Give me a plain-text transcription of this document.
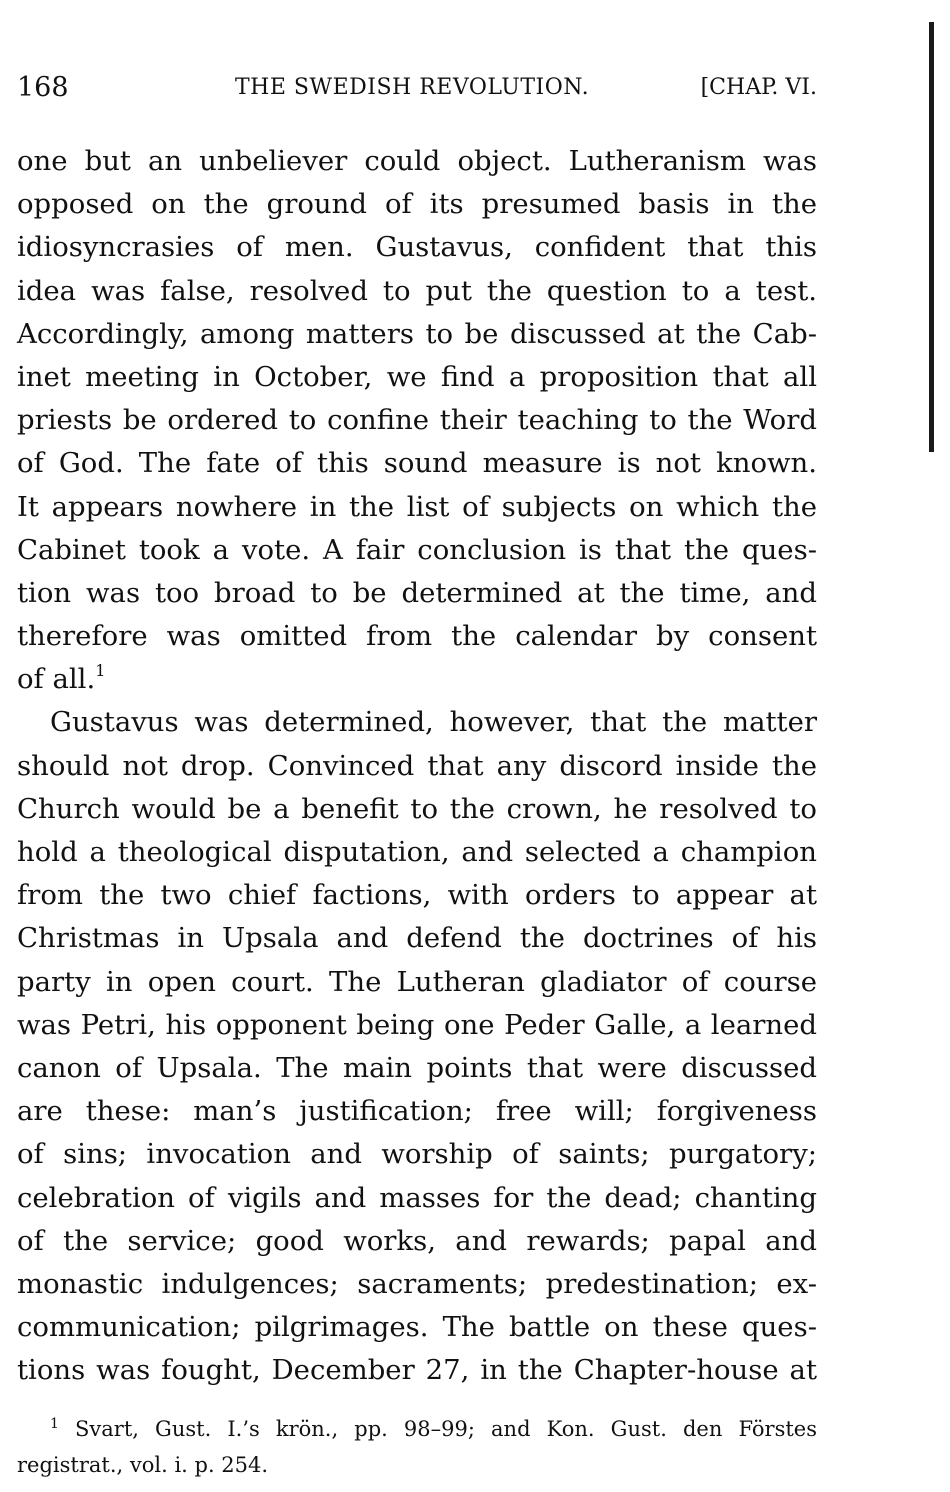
168	THE SWEDISH REVOLUTION.	[CHAP. VI.
one but an unbeliever could object. Lutheranism was
opposed on the ground of its presumed basis in the
idiosyncrasies of men. Gustavus, confident that this
idea was false, resolved to put the question to a test.
Accordingly, among matters to be discussed at the Cab-
inet meeting in October, we find a proposition that all
priests be ordered to confine their teaching to the Word
of God. The fate of this sound measure is not known.
It appears nowhere in the list of subjects on which the
Cabinet took a vote. A fair conclusion is that the ques-
tion was too broad to be determined at the time, and
therefore was omitted from the calendar by consent
of all.$^1$
Gustavus was determined, however, that the matter
should not drop. Convinced that any discord inside the
Church would be a benefit to the crown, he resolved to
hold a theological disputation, and selected a champion
from the two chief factions, with orders to appear at
Christmas in Upsala and defend the doctrines of his
party in open court. The Lutheran gladiator of course
was Petri, his opponent being one Peder Galle, a learned
canon of Upsala. The main points that were discussed
are these: man’s justification; free will; forgiveness
of sins; invocation and worship of saints; purgatory;
celebration of vigils and masses for the dead; chanting
of the service; good works, and rewards; papal and
monastic indulgences; sacraments; predestination; ex-
communication; pilgrimages. The battle on these ques-
tions was fought, December 27, in the Chapter-house at
$^1$ Svart, Gust. I.’s krön., pp. 98–99; and Kon. Gust. den Förstes
registrat., vol. i. p. 254.
